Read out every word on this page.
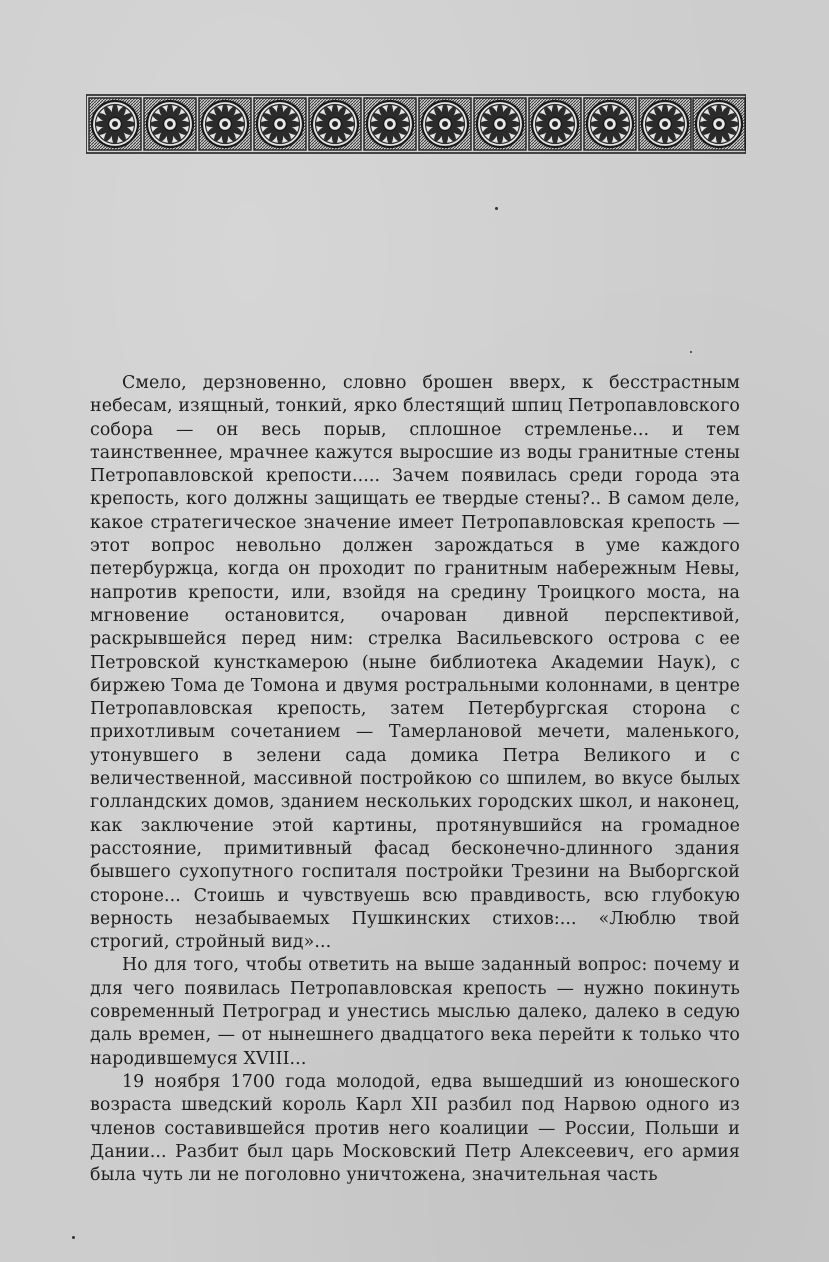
Смело, дерзновенно, словно брошен вверх, к бесстрастным небесам, изящный, тонкий, ярко блестящий шпиц Петропавловского собора — он весь порыв, сплошное стремленье... и тем таинственнее, мрачнее кажутся выросшие из воды гранитные стены Петропавловской крепости..... Зачем появилась среди города эта крепость, кого должны защищать ее твердые стены?.. В самом деле, какое стратегическое значение имеет Петропавловская крепость — этот вопрос невольно должен зарождаться в уме каждого петербуржца, когда он проходит по гранитным набережным Невы, напротив крепости, или, взойдя на средину Троицкого моста, на мгновение остановится, очарован дивной перспективой, раскрывшейся перед ним: стрелка Васильевского острова с ее Петровской кунсткамерою (ныне библиотека Академии Наук), с биржею Тома де Томона и двумя ростральными колоннами, в центре Петропавловская крепость, затем Петербургская сторона с прихотливым сочетанием — Тамерлановой мечети, маленького, утонувшего в зелени сада домика Петра Великого и с величественной, массивной постройкою со шпилем, во вкусе былых голландских домов, зданием нескольких городских школ, и наконец, как заключение этой картины, протянувшийся на громадное расстояние, примитивный фасад бесконечно-длинного здания бывшего сухопутного госпиталя постройки Трезини на Выборгской стороне... Стоишь и чувствуешь всю правдивость, всю глубокую верность незабываемых Пушкинских стихов:... «Люблю твой строгий, стройный вид»...

Но для того, чтобы ответить на выше заданный вопрос: почему и для чего появилась Петропавловская крепость — нужно покинуть современный Петроград и унестись мыслью далеко, далеко в седую даль времен, — от нынешнего двадцатого века перейти к только что народившемуся XVIII...

19 ноября 1700 года молодой, едва вышедший из юношеского возраста шведский король Карл XII разбил под Нарвою одного из членов составившейся против него коалиции — России, Польши и Дании... Разбит был царь Московский Петр Алексеевич, его армия была чуть ли не поголовно уничтожена, значительная часть
